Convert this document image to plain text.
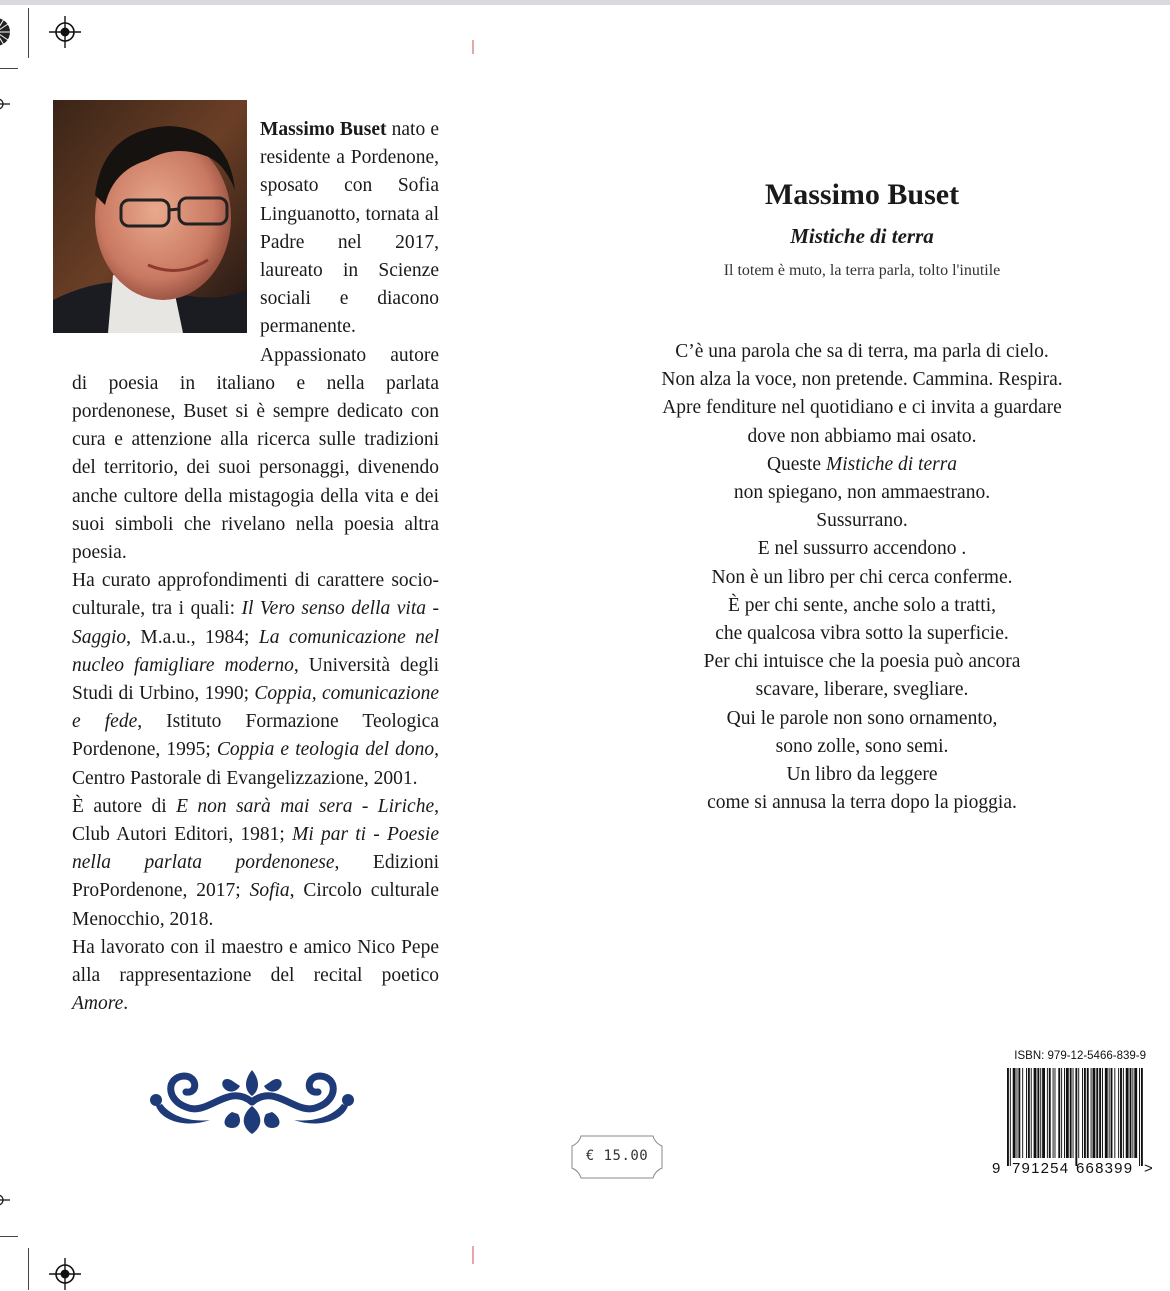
Massimo Buset nato e residente a Pordenone, sposato con Sofia Linguanotto, tornata al Padre nel 2017, laureato in Scienze sociali e diacono permanente. Appassionato autore di poesia in italiano e nella parlata pordenonese, Buset si è sempre dedicato con cura e attenzione alla ricerca sulle tradizioni del territorio, dei suoi personaggi, divenendo anche cultore della mistagogia della vita e dei suoi simboli che rivelano nella poesia altra poesia.

Ha curato approfondimenti di carattere socio-culturale, tra i quali: Il Vero senso della vita - Saggio, M.a.u., 1984; La comunicazione nel nucleo famigliare moderno, Università degli Studi di Urbino, 1990; Coppia, comunicazione e fede, Istituto Formazione Teologica Pordenone, 1995; Coppia e teologia del dono, Centro Pastorale di Evangelizzazione, 2001.

È autore di E non sarà mai sera - Liriche, Club Autori Editori, 1981; Mi par ti - Poesie nella parlata pordenonese, Edizioni ProPordenone, 2017; Sofia, Circolo culturale Menocchio, 2018.

Ha lavorato con il maestro e amico Nico Pepe alla rappresentazione del recital poetico Amore.

Massimo Buset
Mistiche di terra
Il totem è muto, la terra parla, tolto l'inutile
C’è una parola che sa di terra, ma parla di cielo.
Non alza la voce, non pretende. Cammina. Respira.
Apre fenditure nel quotidiano e ci invita a guardare
dove non abbiamo mai osato.
Queste Mistiche di terra
non spiegano, non ammaestrano.
Sussurrano.
E nel sussurro accendono .
Non è un libro per chi cerca conferme.
È per chi sente, anche solo a tratti,
che qualcosa vibra sotto la superficie.
Per chi intuisce che la poesia può ancora
scavare, liberare, svegliare.
Qui le parole non sono ornamento,
sono zolle, sono semi.
Un libro da leggere
come si annusa la terra dopo la pioggia.
€ 15.00
ISBN: 979-12-5466-839-9
9 791254 668399 >
